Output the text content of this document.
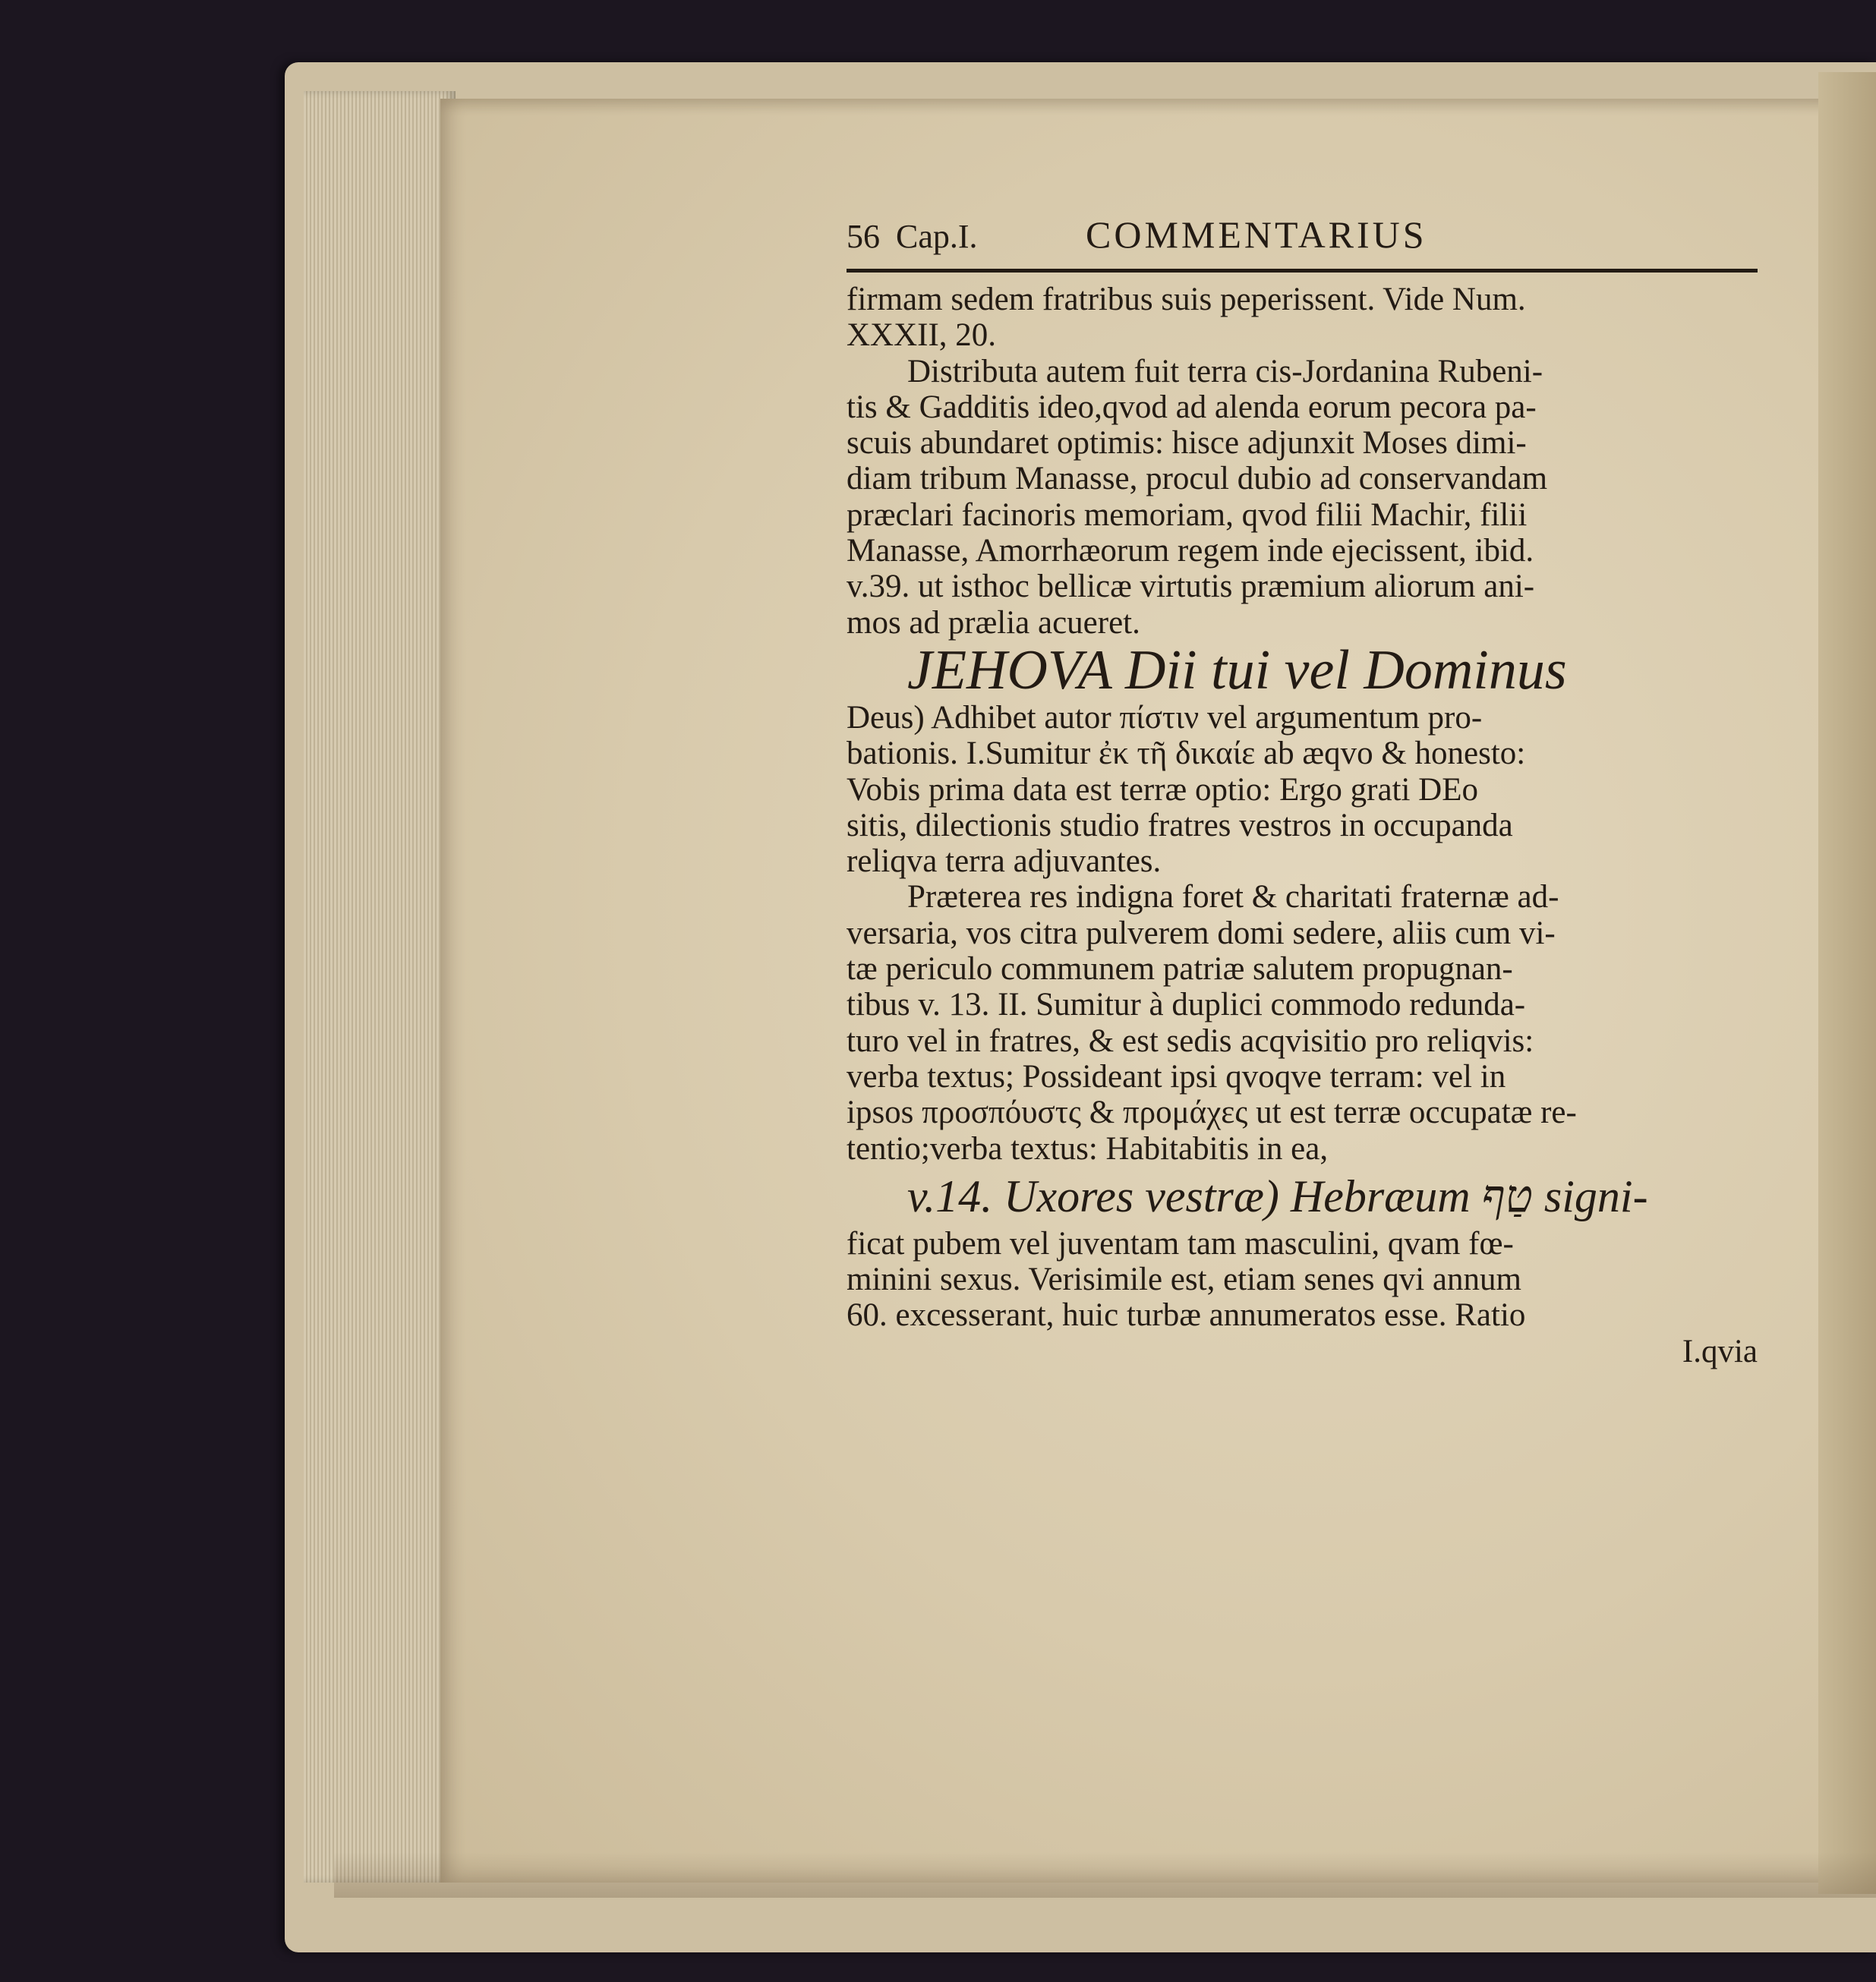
56 Cap.I.	COMMENTARIUS
firmam sedem fratribus suis peperissent. Vide Num.
XXXII, 20.
Distributa autem fuit terra cis-Jordanina Rubeni-
tis & Gadditis ideo,qvod ad alenda eorum pecora pa-
scuis abundaret optimis: hisce adjunxit Moses dimi-
diam tribum Manasse, procul dubio ad conservandam
præclari facinoris memoriam, qvod filii Machir, filii
Manasse, Amorrhæorum regem inde ejecissent, ibid.
v.39. ut isthoc bellicæ virtutis præmium aliorum ani-
mos ad prælia acueret.
JEHOVA Dii tui vel Dominus
Deus) Adhibet autor πίστιν vel argumentum pro-
bationis. I.Sumitur ἐκ τῆ δικαίε ab æqvo & honesto:
Vobis prima data est terræ optio: Ergo grati DEo
sitis, dilectionis studio fratres vestros in occupanda
reliqva terra adjuvantes.
Præterea res indigna foret & charitati fraternæ ad-
versaria, vos citra pulverem domi sedere, aliis cum vi-
tæ periculo communem patriæ salutem propugnan-
tibus v. 13. II. Sumitur à duplici commodo redunda-
turo vel in fratres, & est sedis acqvisitio pro reliqvis:
verba textus; Possideant ipsi qvoqve terram: vel in
ipsos προσπόυστς & προμάχες ut est terræ occupatæ re-
tentio;verba textus: Habitabitis in ea,
v.14. Uxores vestræ) Hebræum טַף signi-
ficat pubem vel juventam tam masculini, qvam fœ-
minini sexus. Verisimile est, etiam senes qvi annum
60. excesserant, huic turbæ annumeratos esse. Ratio
I.qvia
